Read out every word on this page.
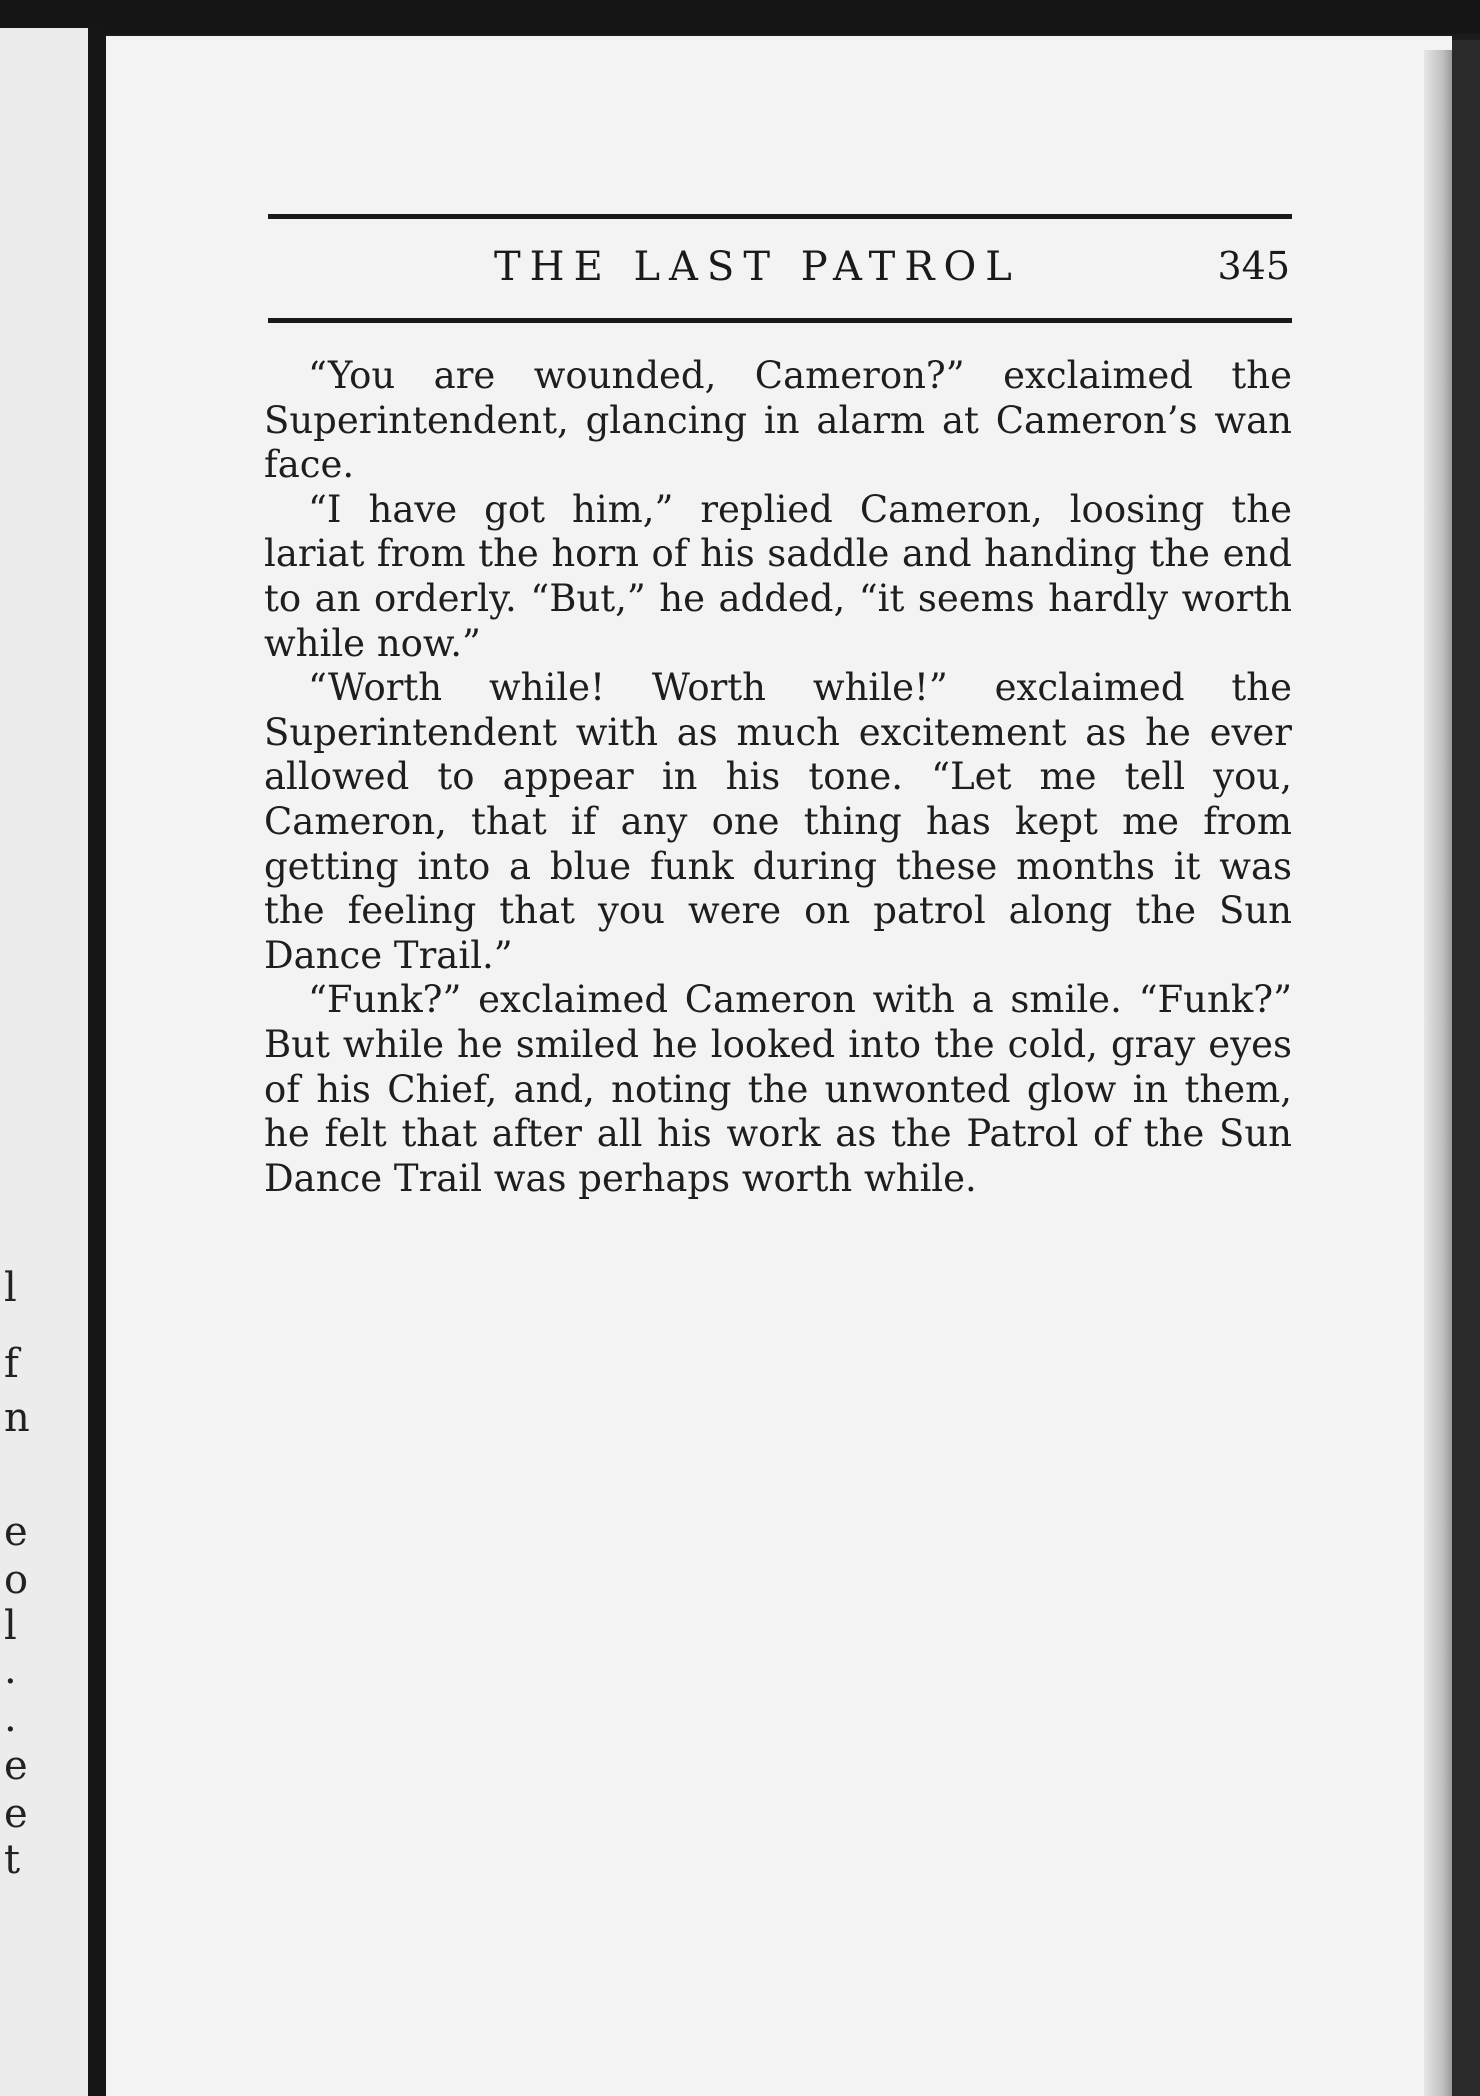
l
f
n
e
o
l
.
.
e
e
t
THE LAST PATROL	345

“You are wounded, Cameron?” exclaimed the Superintendent, glancing in alarm at Cameron’s wan face.

“I have got him,” replied Cameron, loosing the lariat from the horn of his saddle and handing the end to an orderly. “But,” he added, “it seems hardly worth while now.”

“Worth while! Worth while!” exclaimed the Superintendent with as much excitement as he ever allowed to appear in his tone. “Let me tell you, Cameron, that if any one thing has kept me from getting into a blue funk during these months it was the feeling that you were on patrol along the Sun Dance Trail.”

“Funk?” exclaimed Cameron with a smile. “Funk?” But while he smiled he looked into the cold, gray eyes of his Chief, and, noting the unwonted glow in them, he felt that after all his work as the Patrol of the Sun Dance Trail was perhaps worth while.
